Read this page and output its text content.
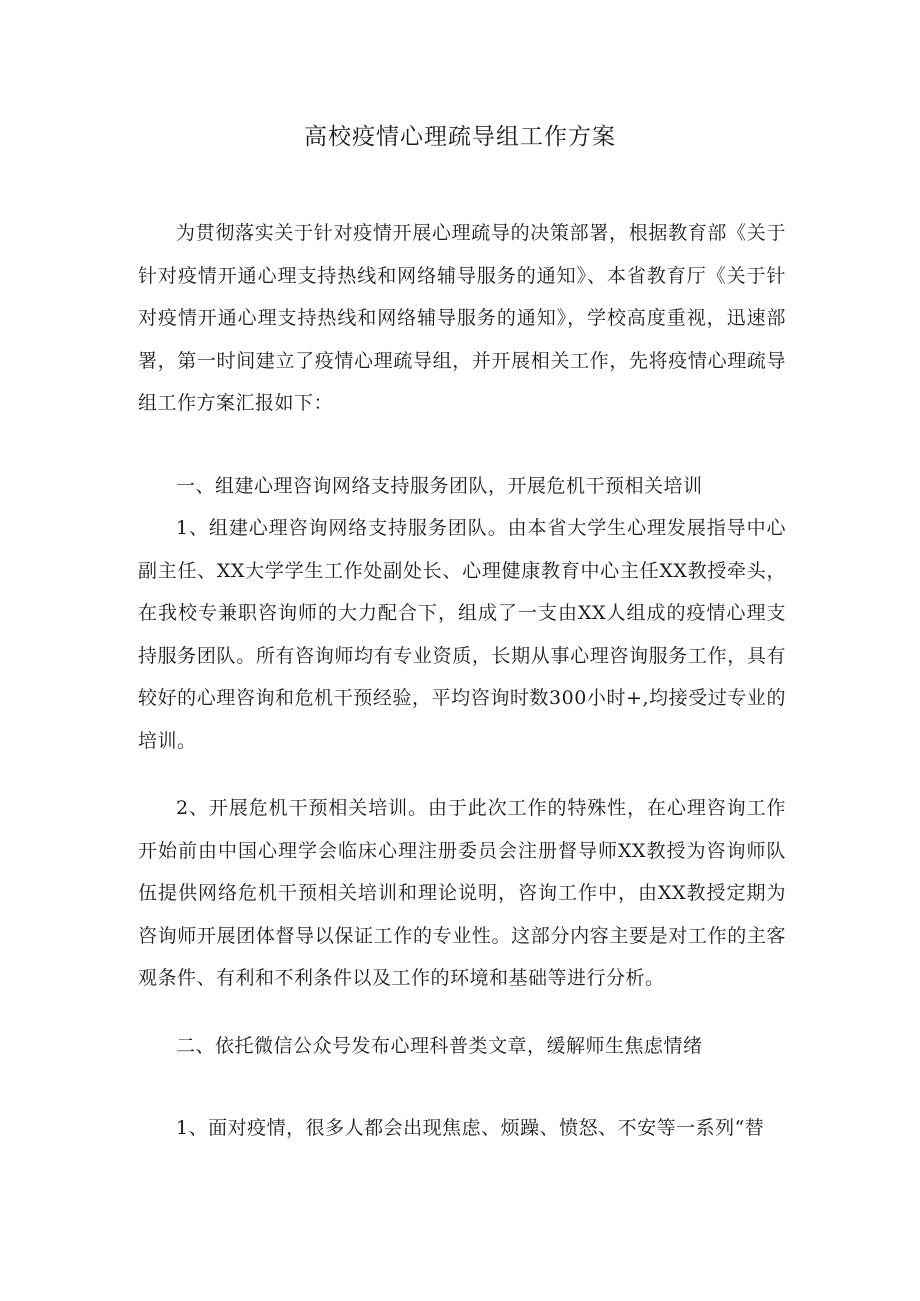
高校疫情心理疏导组工作方案

为贯彻落实关于针对疫情开展心理疏导的决策部署，根据教育部《关于针对疫情开通心理支持热线和网络辅导服务的通知》、本省教育厅《关于针对疫情开通心理支持热线和网络辅导服务的通知》，学校高度重视，迅速部署，第一时间建立了疫情心理疏导组，并开展相关工作，先将疫情心理疏导组工作方案汇报如下：

一、组建心理咨询网络支持服务团队，开展危机干预相关培训

1、组建心理咨询网络支持服务团队。由本省大学生心理发展指导中心副主任、XX大学学生工作处副处长、心理健康教育中心主任XX教授牵头，在我校专兼职咨询师的大力配合下，组成了一支由XX人组成的疫情心理支持服务团队。所有咨询师均有专业资质，长期从事心理咨询服务工作，具有较好的心理咨询和危机干预经验，平均咨询时数300小时+,均接受过专业的培训。

2、开展危机干预相关培训。由于此次工作的特殊性，在心理咨询工作开始前由中国心理学会临床心理注册委员会注册督导师XX教授为咨询师队伍提供网络危机干预相关培训和理论说明，咨询工作中，由XX教授定期为咨询师开展团体督导以保证工作的专业性。这部分内容主要是对工作的主客观条件、有利和不利条件以及工作的环境和基础等进行分析。

二、依托微信公众号发布心理科普类文章，缓解师生焦虑情绪

1、面对疫情，很多人都会出现焦虑、烦躁、愤怒、不安等一系列“替
